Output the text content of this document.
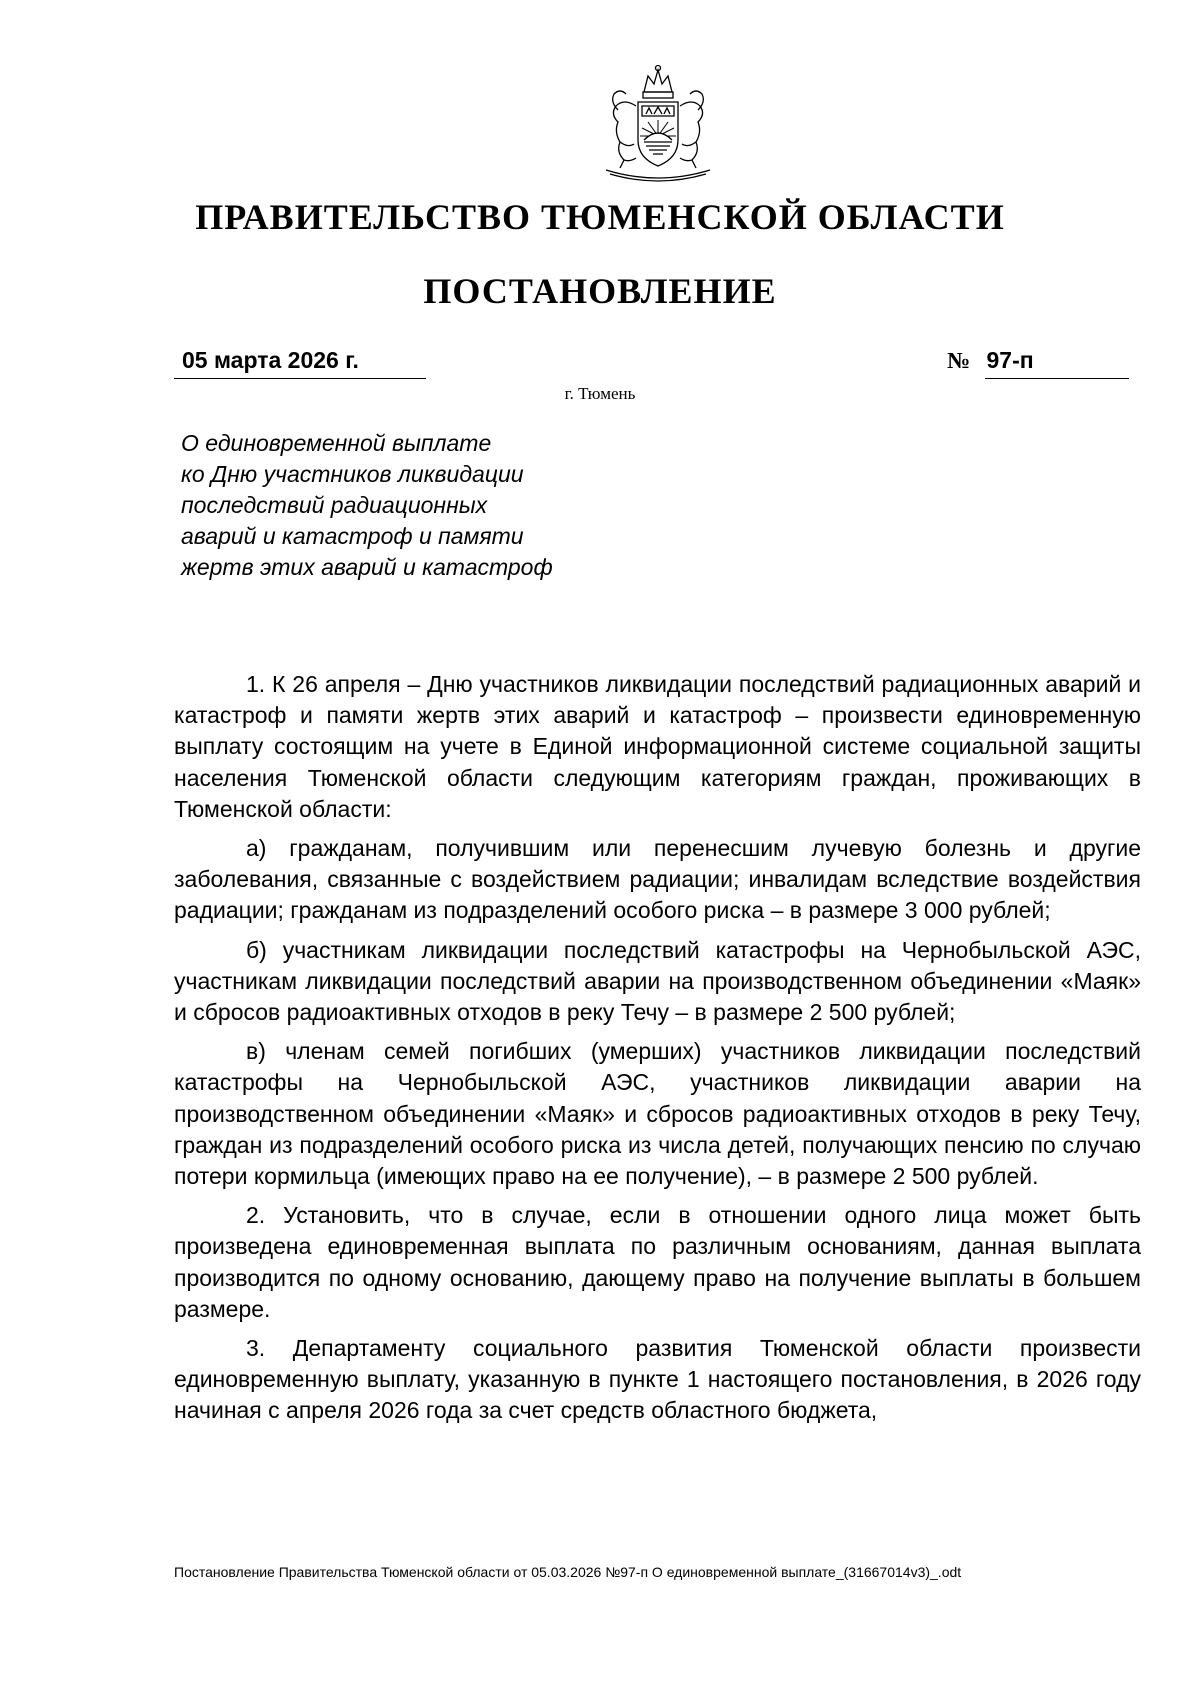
ПРАВИТЕЛЬСТВО ТЮМЕНСКОЙ ОБЛАСТИ
ПОСТАНОВЛЕНИЕ
05 марта 2026 г.	№ 97-п
г. Тюмень
О единовременной выплате
ко Дню участников ликвидации
последствий радиационных
аварий и катастроф и памяти
жертв этих аварий и катастроф

1. К 26 апреля – Дню участников ликвидации последствий радиационных аварий и катастроф и памяти жертв этих аварий и катастроф – произвести единовременную выплату состоящим на учете в Единой информационной системе социальной защиты населения Тюменской области следующим категориям граждан, проживающих в Тюменской области:

а) гражданам, получившим или перенесшим лучевую болезнь и другие заболевания, связанные с воздействием радиации; инвалидам вследствие воздействия радиации; гражданам из подразделений особого риска – в размере 3 000 рублей;

б) участникам ликвидации последствий катастрофы на Чернобыльской АЭС, участникам ликвидации последствий аварии на производственном объединении «Маяк» и сбросов радиоактивных отходов в реку Течу – в размере 2 500 рублей;

в) членам семей погибших (умерших) участников ликвидации последствий катастрофы на Чернобыльской АЭС, участников ликвидации аварии на производственном объединении «Маяк» и сбросов радиоактивных отходов в реку Течу, граждан из подразделений особого риска из числа детей, получающих пенсию по случаю потери кормильца (имеющих право на ее получение), – в размере 2 500 рублей.

2. Установить, что в случае, если в отношении одного лица может быть произведена единовременная выплата по различным основаниям, данная выплата производится по одному основанию, дающему право на получение выплаты в большем размере.

3. Департаменту социального развития Тюменской области произвести единовременную выплату, указанную в пункте 1 настоящего постановления, в 2026 году начиная с апреля 2026 года за счет средств областного бюджета,

Постановление Правительства Тюменской области от 05.03.2026 №97-п О единовременной выплате_(31667014v3)_.odt
